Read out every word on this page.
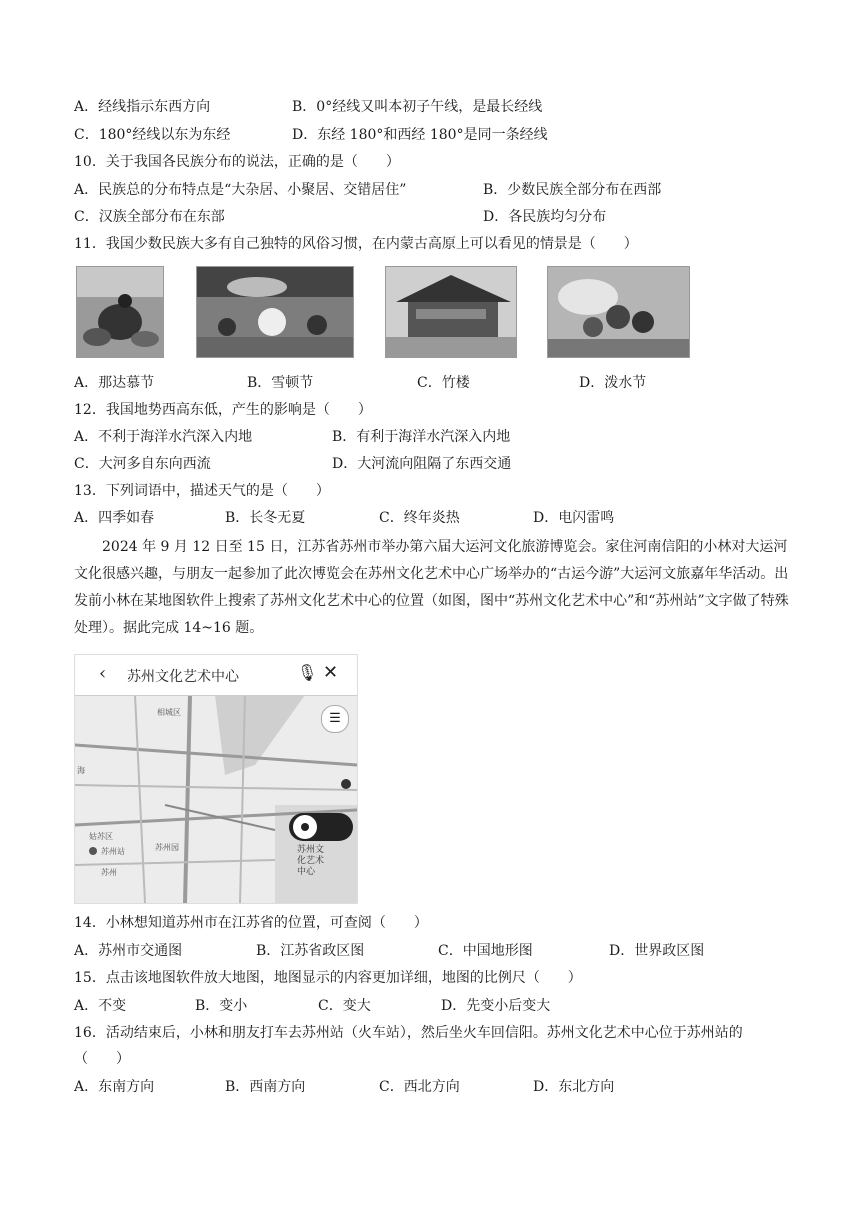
A．经线指示东西方向	B．0°经线又叫本初子午线，是最长经线
C．180°经线以东为东经	D．东经 180°和西经 180°是同一条经线
10．关于我国各民族分布的说法，正确的是（　　）
A．民族总的分布特点是“大杂居、小聚居、交错居住”	B．少数民族全部分布在西部
C．汉族全部分布在东部	D．各民族均匀分布
11．我国少数民族大多有自己独特的风俗习惯，在内蒙古高原上可以看见的情景是（　　）
A．那达慕节	B．雪顿节	C．竹楼	D．泼水节
12．我国地势西高东低，产生的影响是（　　）
A．不利于海洋水汽深入内地	B．有利于海洋水汽深入内地
C．大河多自东向西流	D．大河流向阻隔了东西交通
13．下列词语中，描述天气的是（　　）
A．四季如春	B．长冬无夏	C．终年炎热	D．电闪雷鸣
14．小林想知道苏州市在江苏省的位置，可查阅（　　）
A．苏州市交通图	B．江苏省政区图	C．中国地形图	D．世界政区图
15．点击该地图软件放大地图，地图显示的内容更加详细，地图的比例尺（　　）
A．不变	B．变小	C．变大	D．先变小后变大
16．活动结束后，小林和朋友打车去苏州站（火车站），然后坐火车回信阳。苏州文化艺术中心位于苏州站的
（　　）
A．东南方向	B．西南方向	C．西北方向	D．东北方向
2024 年 9 月 12 日至 15 日，江苏省苏州市举办第六届大运河文化旅游博览会。家住河南信阳的小林对大运河文化很感兴趣，与朋友一起参加了此次博览会在苏州文化艺术中心广场举办的“古运今游”大运河文旅嘉年华活动。出发前小林在某地图软件上搜索了苏州文化艺术中心的位置（如图，图中“苏州文化艺术中心”和“苏州站”文字做了特殊处理）。据此完成 14~16 题。
‹ 苏州文化艺术中心	🎙 ✕
☰
相城区
姑苏区
苏州站
苏州
苏州园
海
苏州文化艺术中心
